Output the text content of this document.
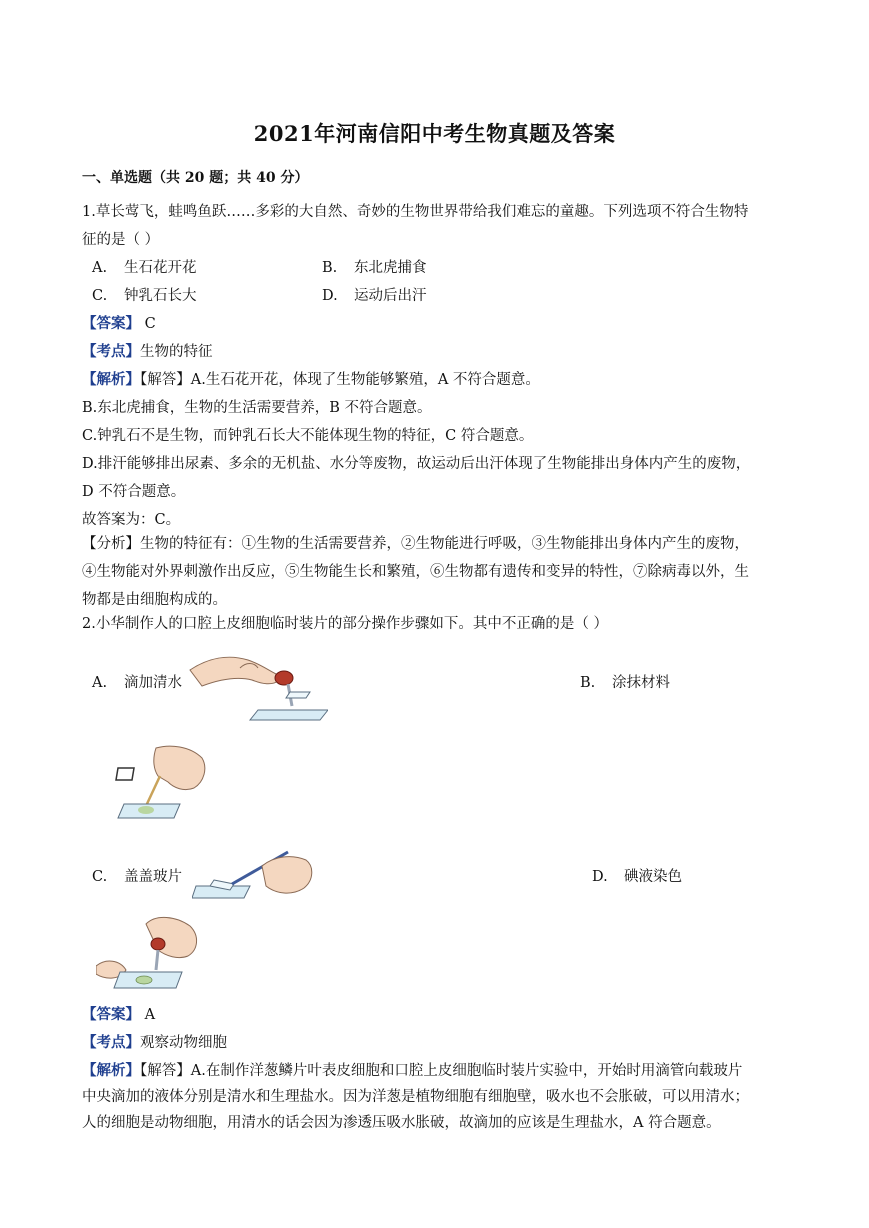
2021年河南信阳中考生物真题及答案
一、单选题（共 20 题；共 40 分）
1.草长莺飞，蛙鸣鱼跃……多彩的大自然、奇妙的生物世界带给我们难忘的童趣。下列选项不符合生物特
征的是（ ）
A. 生石花开花	B. 东北虎捕食
C. 钟乳石长大	D. 运动后出汗
【答案】 C
【考点】生物的特征
【解析】【解答】A.生石花开花，体现了生物能够繁殖，A 不符合题意。
B.东北虎捕食，生物的生活需要营养，B 不符合题意。
C.钟乳石不是生物，而钟乳石长大不能体现生物的特征，C 符合题意。
D.排汗能够排出尿素、多余的无机盐、水分等废物，故运动后出汗体现了生物能排出身体内产生的废物，
D 不符合题意。
故答案为：C。
【分析】生物的特征有：①生物的生活需要营养，②生物能进行呼吸，③生物能排出身体内产生的废物，
④生物能对外界刺激作出反应，⑤生物能生长和繁殖，⑥生物都有遗传和变异的特性，⑦除病毒以外，生
物都是由细胞构成的。
2.小华制作人的口腔上皮细胞临时装片的部分操作步骤如下。其中不正确的是（ ）
A. 滴加清水	B. 涂抹材料
C. 盖盖玻片	D. 碘液染色
【答案】 A
【考点】观察动物细胞
【解析】【解答】A.在制作洋葱鳞片叶表皮细胞和口腔上皮细胞临时装片实验中，开始时用滴管向载玻片
中央滴加的液体分别是清水和生理盐水。因为洋葱是植物细胞有细胞壁，吸水也不会胀破，可以用清水；
人的细胞是动物细胞，用清水的话会因为渗透压吸水胀破，故滴加的应该是生理盐水，A 符合题意。
